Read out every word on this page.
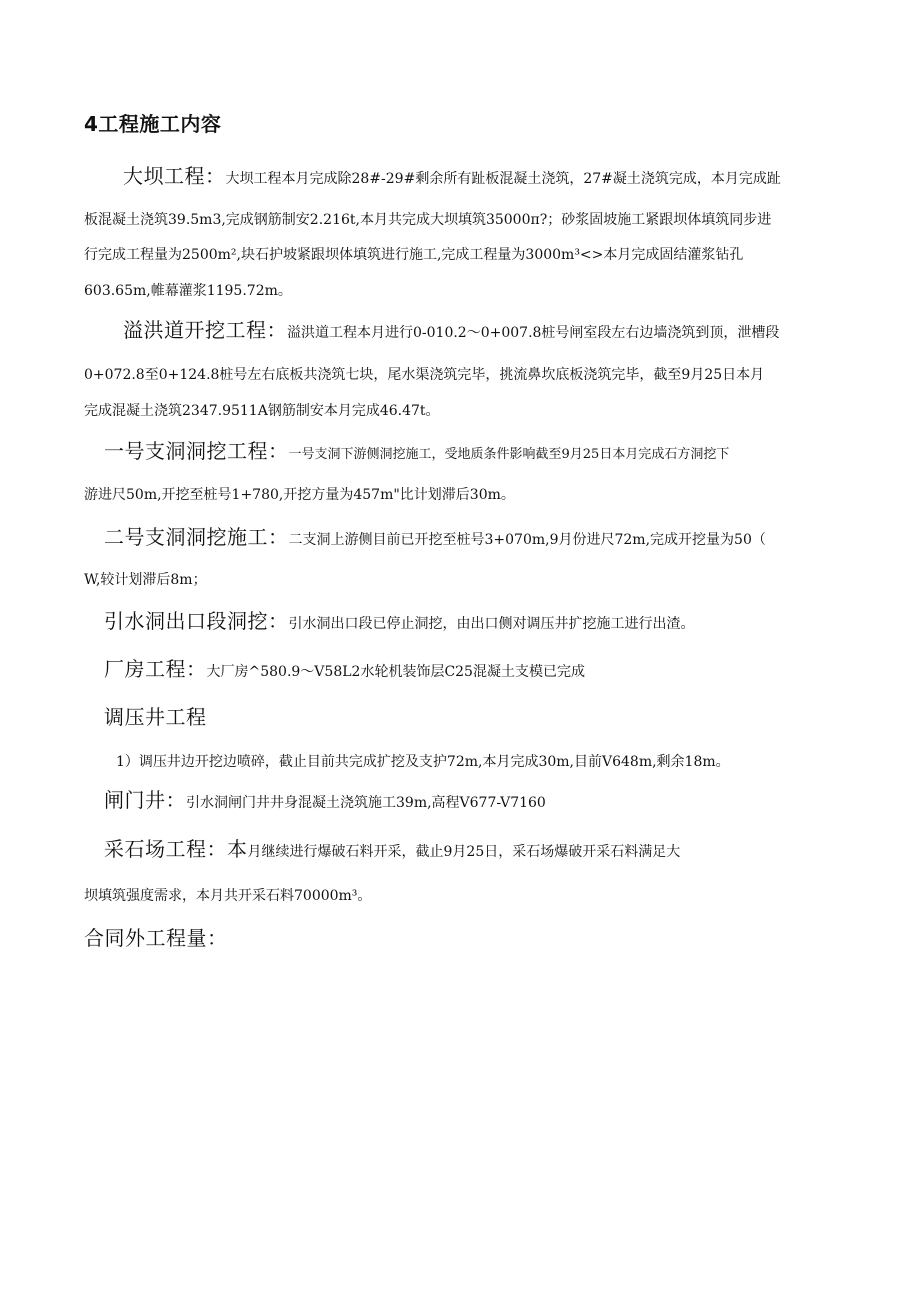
4工程施工内容
大坝工程：大坝工程本月完成除28#-29#剩余所有趾板混凝土浇筑，27#凝土浇筑完成，本月完成趾
板混凝土浇筑39.5m3,完成钢筋制安2.216t,本月共完成大坝填筑35000π?；砂浆固坡施工紧跟坝体填筑同步进
行完成工程量为2500m²,块石护坡紧跟坝体填筑进行施工,完成工程量为3000m³<>本月完成固结灌浆钻孔
603.65m,帷幕灌浆1195.72m。
溢洪道开挖工程：溢洪道工程本月进行0-010.2～0+007.8桩号闸室段左右边墙浇筑到顶，泄槽段
0+072.8至0+124.8桩号左右底板共浇筑七块，尾水渠浇筑完毕，挑流鼻坎底板浇筑完毕，截至9月25日本月
完成混凝土浇筑2347.9511A钢筋制安本月完成46.47t。
一号支洞洞挖工程：一号支洞下游侧洞挖施工，受地质条件影响截至9月25日本月完成石方洞挖下
游进尺50m,开挖至桩号1+780,开挖方量为457m"比计划滞后30m。
二号支洞洞挖施工：二支洞上游侧目前已开挖至桩号3+070m,9月份进尺72m,完成开挖量为50（
W,较计划滞后8m；
引水洞出口段洞挖：引水洞出口段已停止洞挖，由出口侧对调压井扩挖施工进行出渣。
厂房工程：大厂房^580.9～V58L2水轮机装饰层C25混凝土支模已完成
调压井工程
1）调压井边开挖边喷碎，截止目前共完成扩挖及支护72m,本月完成30m,目前V648m,剩余18m。
闸门井：引水洞闸门井井身混凝土浇筑施工39m,高程V677-V7160
采石场工程：本月继续进行爆破石料开采，截止9月25日，采石场爆破开采石料满足大
坝填筑强度需求，本月共开采石料70000m³。
合同外工程量：
